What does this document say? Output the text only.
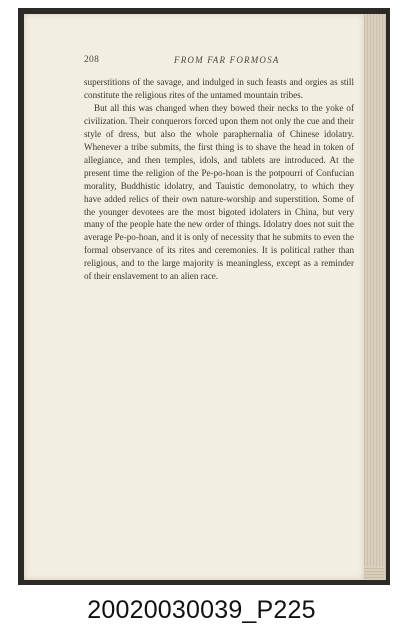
208	FROM FAR FORMOSA

superstitions of the savage, and indulged in such feasts and orgies as still constitute the religious rites of the untamed mountain tribes.

But all this was changed when they bowed their necks to the yoke of civilization. Their conquerors forced upon them not only the cue and their style of dress, but also the whole paraphernalia of Chinese idolatry. Whenever a tribe submits, the first thing is to shave the head in token of allegiance, and then temples, idols, and tablets are introduced. At the present time the religion of the Pe-po-hoan is the potpourri of Confucian morality, Buddhistic idolatry, and Tauistic demonolatry, to which they have added relics of their own nature-worship and superstition. Some of the younger devotees are the most bigoted idolaters in China, but very many of the people hate the new order of things. Idolatry does not suit the average Pe-po-hoan, and it is only of necessity that he submits to even the formal observance of its rites and ceremonies. It is political rather than religious, and to the large majority is meaningless, except as a reminder of their enslavement to an alien race.

20020030039_P225
